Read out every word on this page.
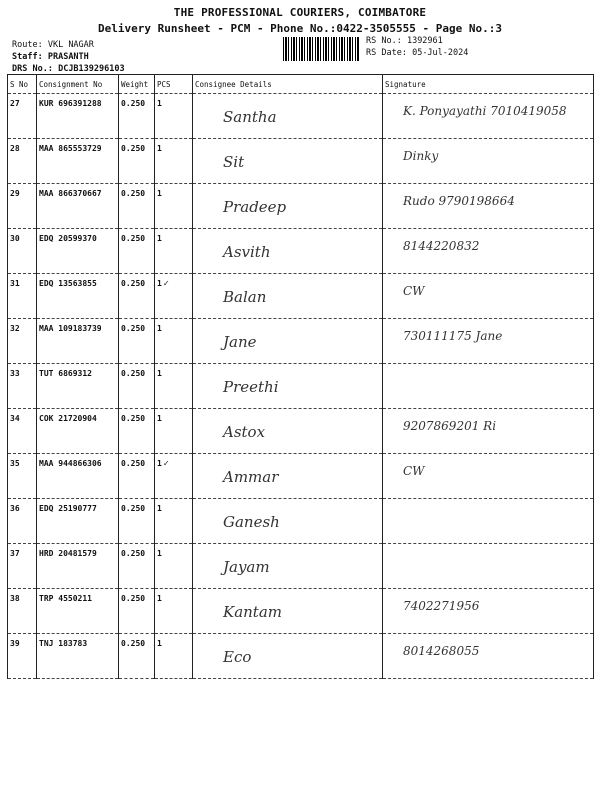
THE PROFESSIONAL COURIERS, COIMBATORE
Delivery Runsheet - PCM - Phone No.:0422-3505555 - Page No.:3
Route: VKL NAGAR
Staff: PRASANTH
DRS No.: DCJB139296103
RS No.: 1392961
RS Date: 05-Jul-2024
S No	Consignment No	Weight	PCS	Consignee Details	Signature
27	KUR 696391288	0.250	1	Santha	K. Ponyayathi 7010419058

28	MAA 865553729	0.250	1	Sit	Dinky

29	MAA 866370667	0.250	1	Pradeep	Rudo 9790198664

30	EDQ 20599370	0.250	1	Asvith	8144220832

31	EDQ 13563855	0.250	1✓	Balan	CW

32	MAA 109183739	0.250	1	Jane	730111175 Jane

33	TUT 6869312	0.250	1	Preethi	

34	COK 21720904	0.250	1	Astox	9207869201 Ri

35	MAA 944866306	0.250	1✓	Ammar	CW

36	EDQ 25190777	0.250	1	Ganesh	

37	HRD 20481579	0.250	1	Jayam	

38	TRP 4550211	0.250	1	Kantam	7402271956

39	TNJ 183783	0.250	1	Eco	8014268055
